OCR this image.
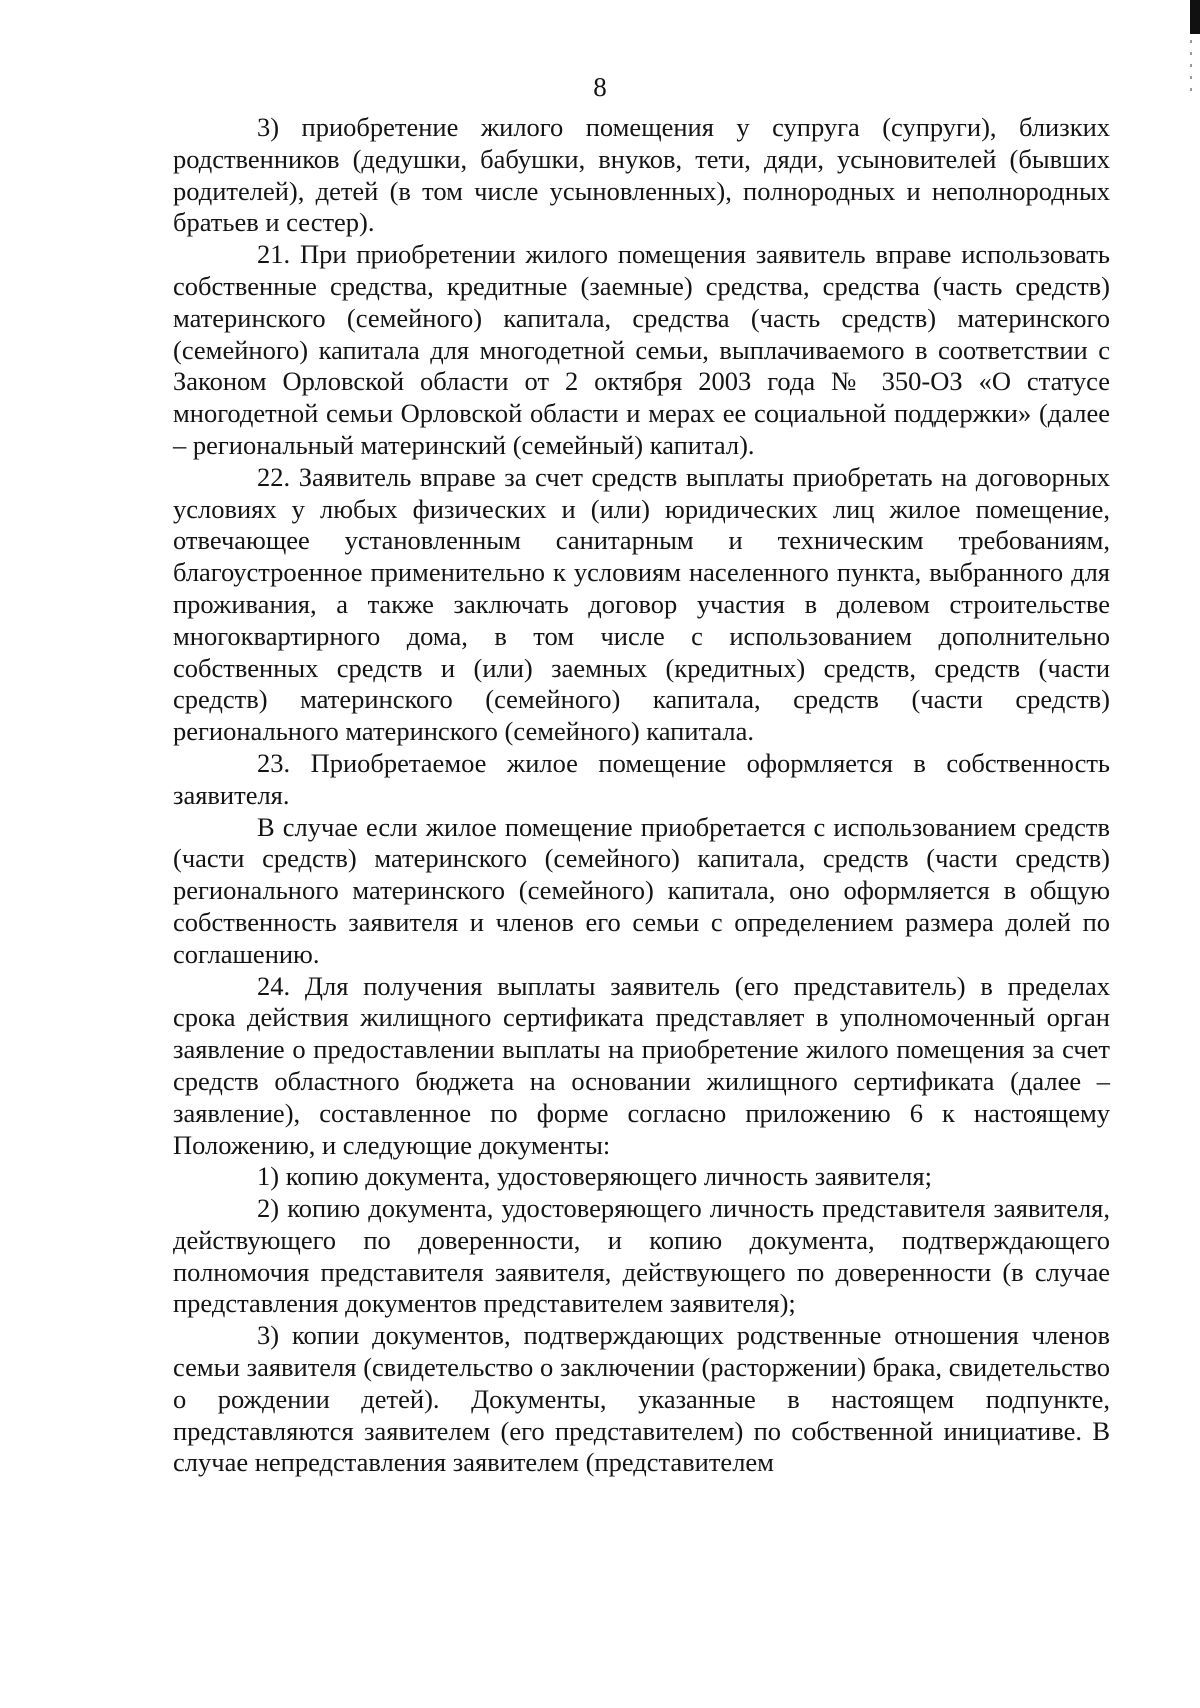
8

3) приобретение жилого помещения у супруга (супруги), близких родственников (дедушки, бабушки, внуков, тети, дяди, усыновителей (бывших родителей), детей (в том числе усыновленных), полнородных и неполнородных братьев и сестер).

21. При приобретении жилого помещения заявитель вправе использовать собственные средства, кредитные (заемные) средства, средства (часть средств) материнского (семейного) капитала, средства (часть средств) материнского (семейного) капитала для многодетной семьи, выплачиваемого в соответствии с Законом Орловской области от 2 октября 2003 года № 350-ОЗ «О статусе многодетной семьи Орловской области и мерах ее социальной поддержки» (далее – региональный материнский (семейный) капитал).

22. Заявитель вправе за счет средств выплаты приобретать на договорных условиях у любых физических и (или) юридических лиц жилое помещение, отвечающее установленным санитарным и техническим требованиям, благоустроенное применительно к условиям населенного пункта, выбранного для проживания, а также заключать договор участия в долевом строительстве многоквартирного дома, в том числе с использованием дополнительно собственных средств и (или) заемных (кредитных) средств, средств (части средств) материнского (семейного) капитала, средств (части средств) регионального материнского (семейного) капитала.

23. Приобретаемое жилое помещение оформляется в собственность заявителя.

В случае если жилое помещение приобретается с использованием средств (части средств) материнского (семейного) капитала, средств (части средств) регионального материнского (семейного) капитала, оно оформляется в общую собственность заявителя и членов его семьи с определением размера долей по соглашению.

24. Для получения выплаты заявитель (его представитель) в пределах срока действия жилищного сертификата представляет в уполномоченный орган заявление о предоставлении выплаты на приобретение жилого помещения за счет средств областного бюджета на основании жилищного сертификата (далее – заявление), составленное по форме согласно приложению 6 к настоящему Положению, и следующие документы:

1) копию документа, удостоверяющего личность заявителя;

2) копию документа, удостоверяющего личность представителя заявителя, действующего по доверенности, и копию документа, подтверждающего полномочия представителя заявителя, действующего по доверенности (в случае представления документов представителем заявителя);

3) копии документов, подтверждающих родственные отношения членов семьи заявителя (свидетельство о заключении (расторжении) брака, свидетельство о рождении детей). Документы, указанные в настоящем подпункте, представляются заявителем (его представителем) по собственной инициативе. В случае непредставления заявителем (представителем
